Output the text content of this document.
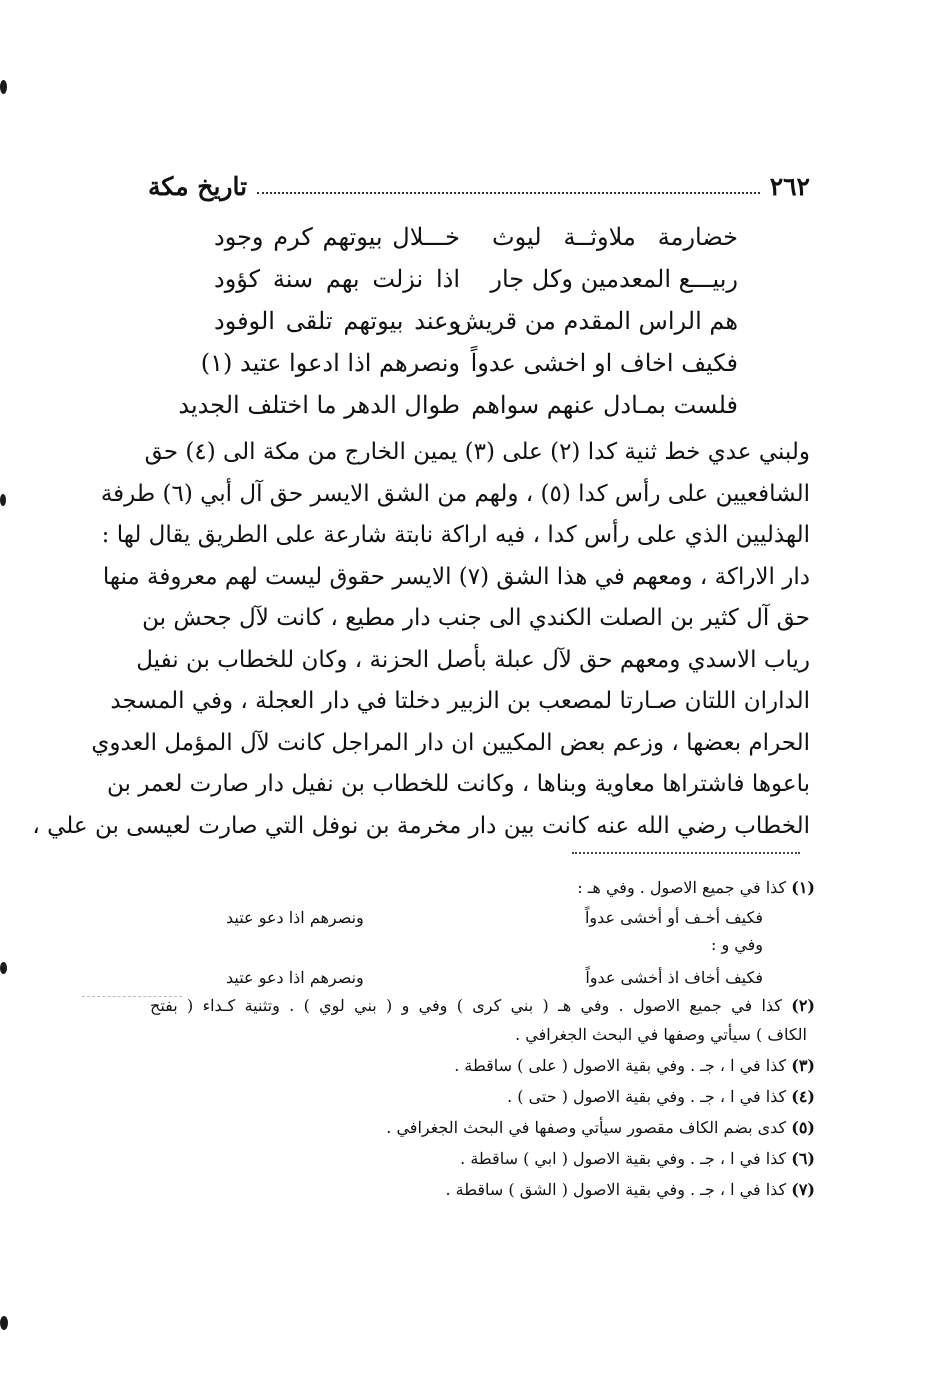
٢٦٢
تاريخ مكة
خضارمة ملاوثــة ليوث
خـــلال بيوتهم كرم وجود
ربيـــع المعدمين وكل جار
اذا نزلت بهم سنة كؤود
هم الراس المقدم من قريش
وعند بيوتهم تلقى الوفود
فكيف اخاف او اخشى عدواً
ونصرهم اذا ادعوا عتيد (١)
فلست بمـادل عنهم سواهم
طوال الدهر ما اختلف الجديد
ولبني عدي خط ثنية كدا (٢) على (٣) يمين الخارج من مكة الى (٤) حق
الشافعيين على رأس كدا (٥) ، ولهم من الشق الايسر حق آل أبي (٦) طرفة
الهذليين الذي على رأس كدا ، فيه اراكة نابتة شارعة على الطريق يقال لها :
دار الاراكة ، ومعهم في هذا الشق (٧) الايسر حقوق ليست لهم معروفة منها
حق آل كثير بن الصلت الكندي الى جنب دار مطيع ، كانت لآل جحش بن
رياب الاسدي ومعهم حق لآل عبلة بأصل الحزنة ، وكان للخطاب بن نفيل
الداران اللتان صـارتا لمصعب بن الزبير دخلتا في دار العجلة ، وفي المسجد
الحرام بعضها ، وزعم بعض المكيين ان دار المراجل كانت لآل المؤمل العدوي
باعوها فاشتراها معاوية وبناها ، وكانت للخطاب بن نفيل دار صارت لعمر بن
الخطاب رضي الله عنه كانت بين دار مخرمة بن نوفل التي صارت لعيسى بن علي ،
(١) كذا في جميع الاصول . وفي هـ :
فكيف أخـف أو أخشى عدواً
ونصرهم اذا دعو عتيد
وفي و :
فكيف أخاف اذ أخشى عدواً
ونصرهم اذا دعو عتيد
(٢) كذا في جميع الاصول . وفي هـ ( بني كرى ) وفي و ( بني لوي ) . وتثنية كـداء ( بفتح
الكاف ) سيأتي وصفها في البحث الجغرافي .
(٣) كذا في ا ، جـ . وفي بقية الاصول ( على ) ساقطة .
(٤) كذا في ا ، جـ . وفي بقية الاصول ( حتى ) .
(٥) كدى بضم الكاف مقصور سيأتي وصفها في البحث الجغرافي .
(٦) كذا في ا ، جـ . وفي بقية الاصول ( ابي ) ساقطة .
(٧) كذا في ا ، جـ . وفي بقية الاصول ( الشق ) ساقطة .
